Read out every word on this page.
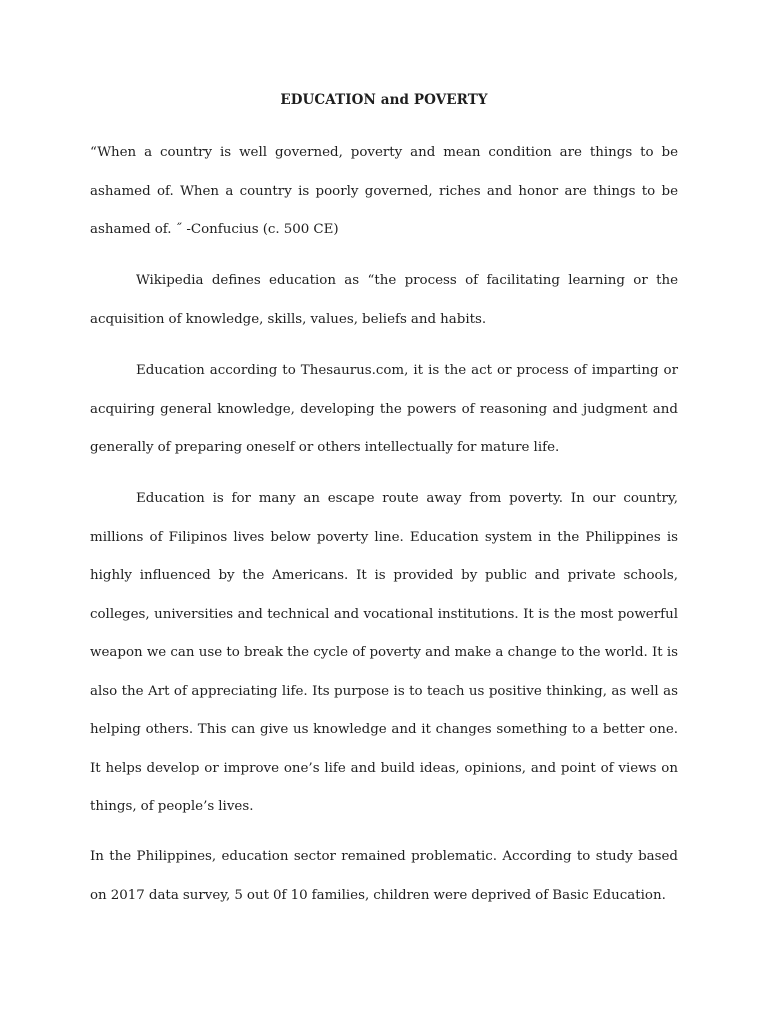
EDUCATION and POVERTY

“When a country is well governed, poverty and mean condition are things to be ashamed of. When a country is poorly governed, riches and honor are things to be ashamed of. ˝ -Confucius (c. 500 CE)

Wikipedia defines education as “the process of facilitating learning or the acquisition of knowledge, skills, values, beliefs and habits.

Education according to Thesaurus.com, it is the act or process of imparting or acquiring general knowledge, developing the powers of reasoning and judgment and generally of preparing oneself or others intellectually for mature life.

Education is for many an escape route away from poverty. In our country, millions of Filipinos lives below poverty line. Education system in the Philippines is highly influenced by the Americans. It is provided by public and private schools, colleges, universities and technical and vocational institutions. It is the most powerful weapon we can use to break the cycle of poverty and make a change to the world. It is also the Art of appreciating life. Its purpose is to teach us positive thinking, as well as helping others. This can give us knowledge and it changes something to a better one. It helps develop or improve one’s life and build ideas, opinions, and point of views on things, of people’s lives.

In the Philippines, education sector remained problematic. According to study based on 2017 data survey, 5 out 0f 10 families, children were deprived of Basic Education.
